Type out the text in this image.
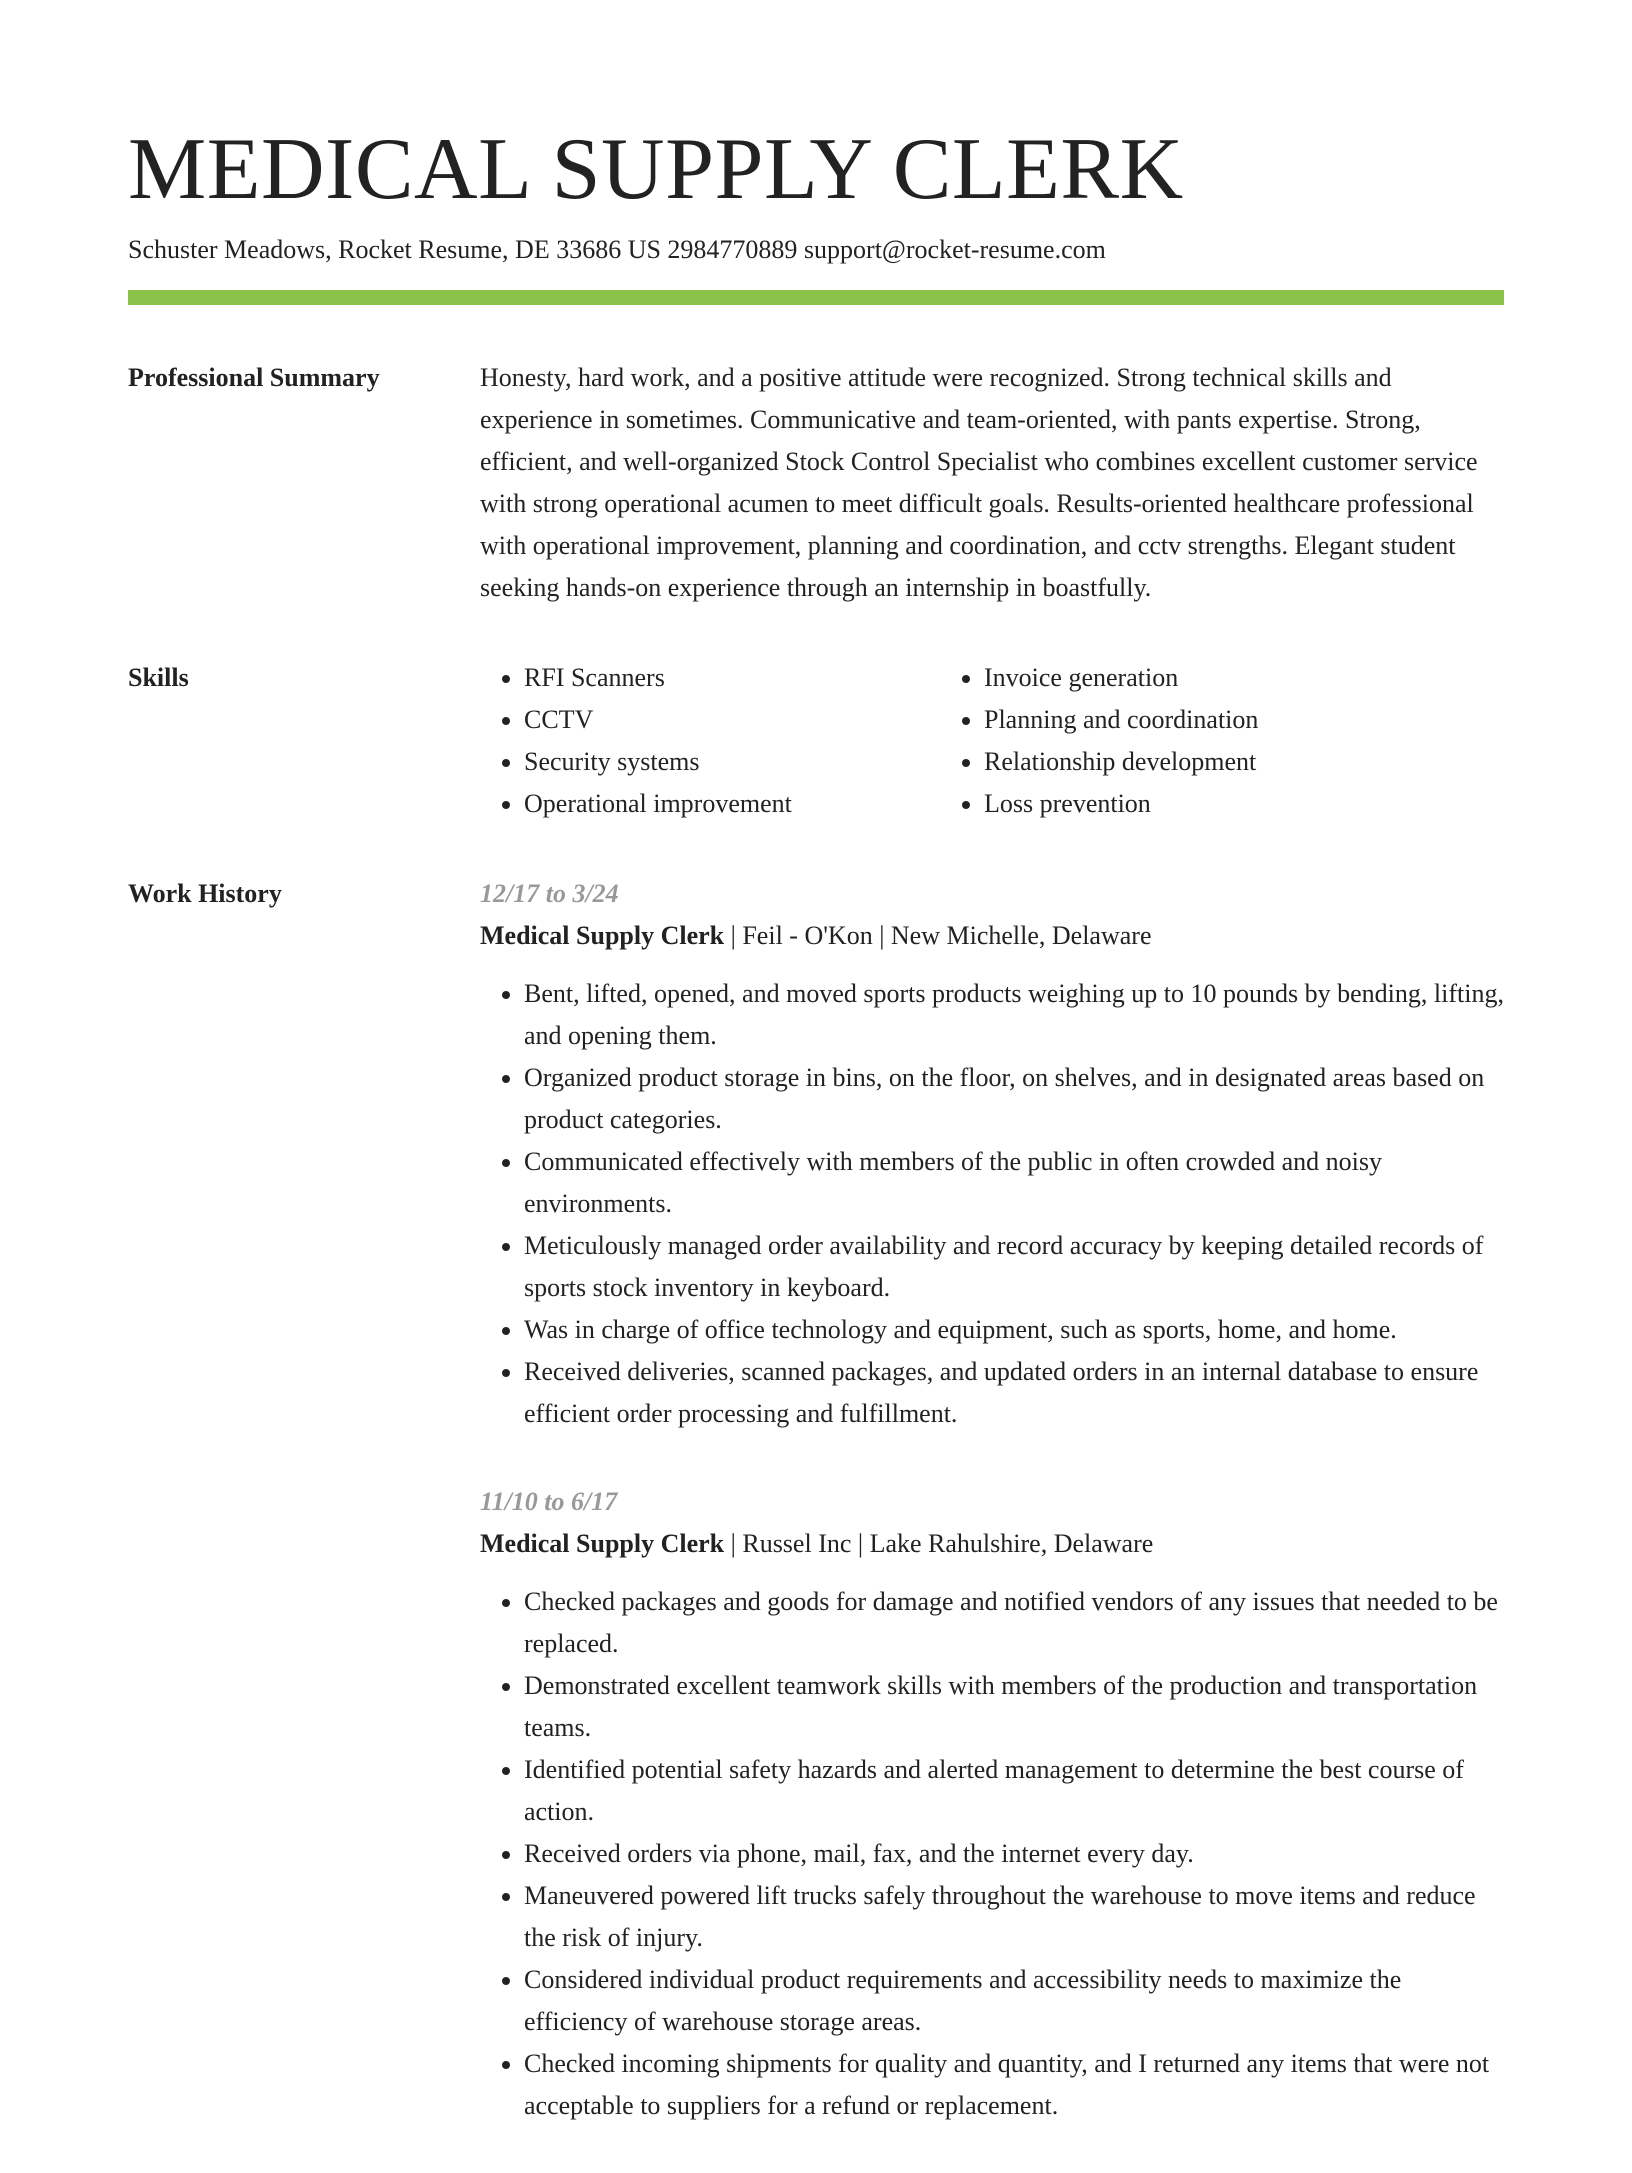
MEDICAL SUPPLY CLERK
Schuster Meadows, Rocket Resume, DE 33686 US 2984770889 support@rocket-resume.com
Professional Summary	Honesty, hard work, and a positive attitude were recognized. Strong technical skills and experience in sometimes. Communicative and team-oriented, with pants expertise. Strong, efficient, and well-organized Stock Control Specialist who combines excellent customer service with strong operational acumen to meet difficult goals. Results-oriented healthcare professional with operational improvement, planning and coordination, and cctv strengths. Elegant student seeking hands-on experience through an internship in boastfully.

Skills
•	RFI Scanners
• CCTV
• Security systems
• Operational improvement
• Invoice generation
• Planning and coordination
• Relationship development
• Loss prevention
Work History	12/17 to 3/24
Medical Supply Clerk | Feil - O'Kon | New Michelle, Delaware
• Bent, lifted, opened, and moved sports products weighing up to 10 pounds by bending, lifting, and opening them.
• Organized product storage in bins, on the floor, on shelves, and in designated areas based on product categories.
• Communicated effectively with members of the public in often crowded and noisy environments.
• Meticulously managed order availability and record accuracy by keeping detailed records of sports stock inventory in keyboard.
• Was in charge of office technology and equipment, such as sports, home, and home.
• Received deliveries, scanned packages, and updated orders in an internal database to ensure efficient order processing and fulfillment.
11/10 to 6/17
Medical Supply Clerk | Russel Inc | Lake Rahulshire, Delaware
• Checked packages and goods for damage and notified vendors of any issues that needed to be replaced.
• Demonstrated excellent teamwork skills with members of the production and transportation teams.
• Identified potential safety hazards and alerted management to determine the best course of action.
• Received orders via phone, mail, fax, and the internet every day.
• Maneuvered powered lift trucks safely throughout the warehouse to move items and reduce the risk of injury.
• Considered individual product requirements and accessibility needs to maximize the efficiency of warehouse storage areas.
• Checked incoming shipments for quality and quantity, and I returned any items that were not acceptable to suppliers for a refund or replacement.
